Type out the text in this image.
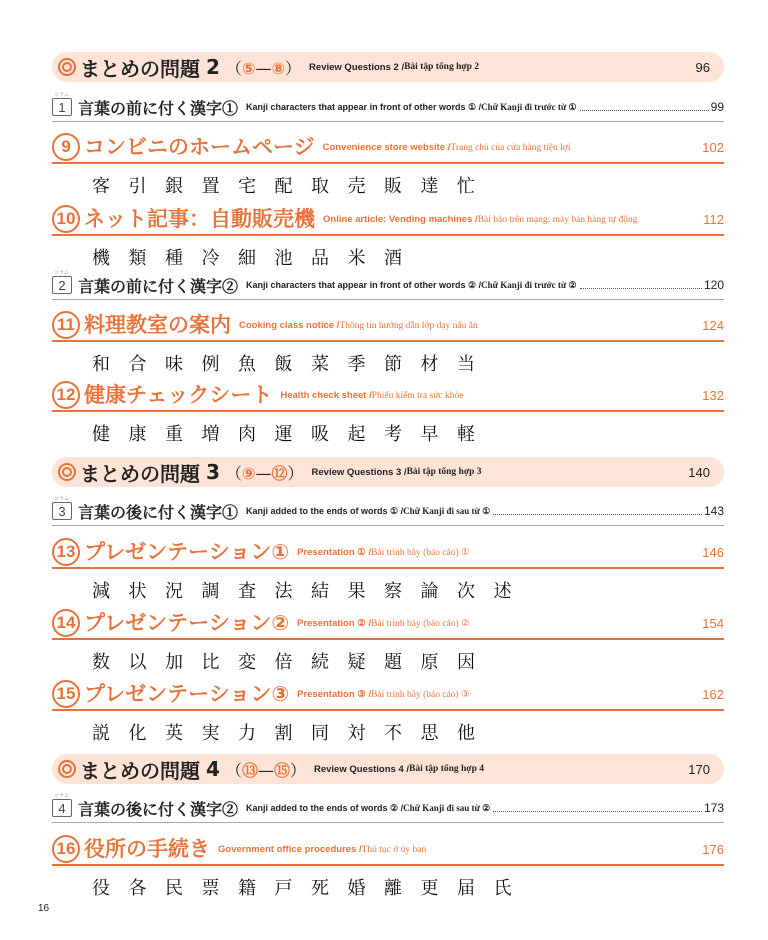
まとめの問題 2 （⑤—⑧） Review Questions 2 / Bài tập tổng hợp 2	96
コラム 1 言葉の前に付く漢字① Kanji characters that appear in front of other words ① / Chữ Kanji đi trước từ ①	99
9 コンビニのホームページ Convenience store website / Trang chủ của cửa hàng tiện lợi	102
客	引	銀	置	宅	配	取	売	販	達	忙
10 ネット記事：自動販売機 Online article: Vending machines / Bài báo trên mạng: máy bán hàng tự động	112
機	類	種	冷	細	池	品	米	酒
コラム 2 言葉の前に付く漢字② Kanji characters that appear in front of other words ② / Chữ Kanji đi trước từ ②	120
11 料理教室の案内 Cooking class notice / Thông tin hướng dẫn lớp dạy nấu ăn	124
和	合	味	例	魚	飯	菜	季	節	材	当
12 健康チェックシート Health check sheet / Phiếu kiểm tra sức khỏe	132
健	康	重	増	肉	運	吸	起	考	早	軽
まとめの問題 3 （⑨—⑫） Review Questions 3 / Bài tập tổng hợp 3	140
コラム 3 言葉の後に付く漢字① Kanji added to the ends of words ① / Chữ Kanji đi sau từ ①	143
13 プレゼンテーション① Presentation ① / Bài trình bày (báo cáo) ①	146
減	状	況	調	査	法	結	果	察	論	次	述
14 プレゼンテーション② Presentation ② / Bài trình bày (báo cáo) ②	154
数	以	加	比	変	倍	続	疑	題	原	因
15 プレゼンテーション③ Presentation ③ / Bài trình bày (báo cáo) ③	162
説	化	英	実	力	割	同	対	不	思	他
まとめの問題 4 （⑬—⑮） Review Questions 4 / Bài tập tổng hợp 4	170
コラム 4 言葉の後に付く漢字② Kanji added to the ends of words ② / Chữ Kanji đi sau từ ②	173
16 役所の手続き Government office procedures / Thủ tục ở ủy ban	176
役	各	民	票	籍	戸	死	婚	離	更	届	氏
16
